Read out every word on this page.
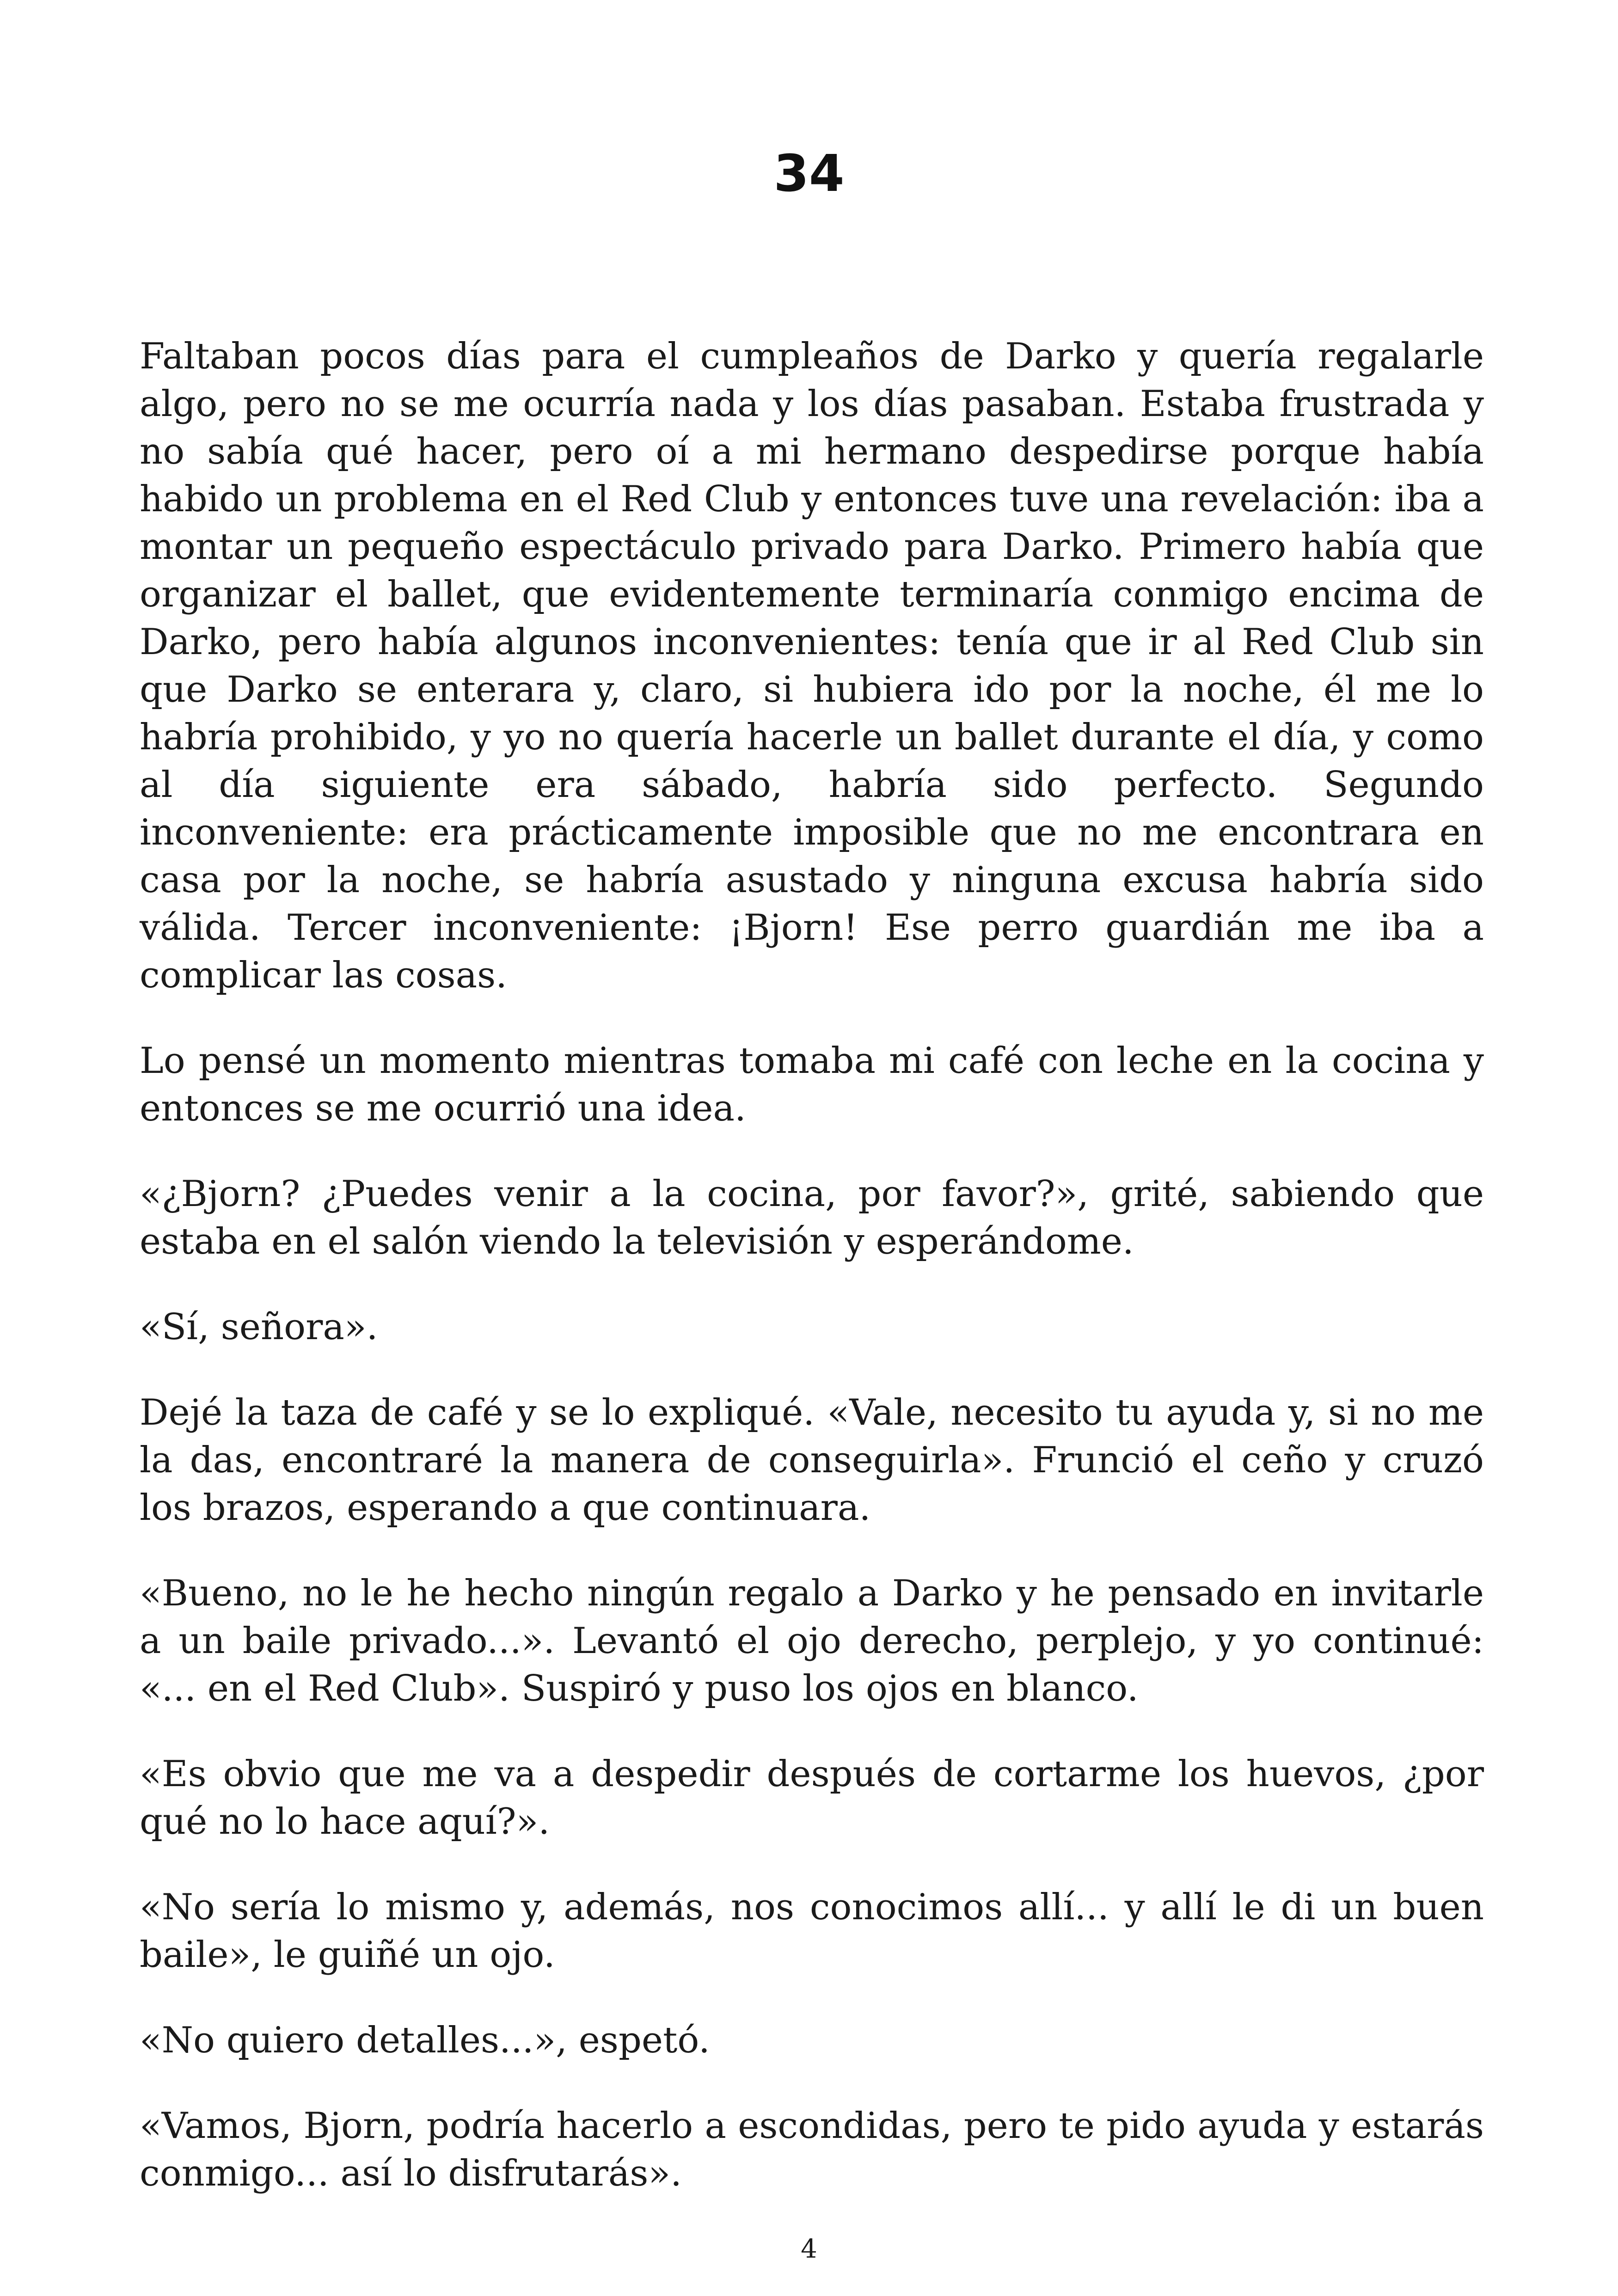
34

Faltaban pocos días para el cumpleaños de Darko y quería regalarle algo, pero no se me ocurría nada y los días pasaban. Estaba frustrada y no sabía qué hacer, pero oí a mi hermano despedirse porque había habido un problema en el Red Club y entonces tuve una revelación: iba a montar un pequeño espectáculo privado para Darko. Primero había que organizar el ballet, que evidentemente terminaría conmigo encima de Darko, pero había algunos inconvenientes: tenía que ir al Red Club sin que Darko se enterara y, claro, si hubiera ido por la noche, él me lo habría prohibido, y yo no quería hacerle un ballet durante el día, y como al día siguiente era sábado, habría sido perfecto. Segundo inconveniente: era prácticamente imposible que no me encontrara en casa por la noche, se habría asustado y ninguna excusa habría sido válida. Tercer inconveniente: ¡Bjorn! Ese perro guardián me iba a complicar las cosas.

Lo pensé un momento mientras tomaba mi café con leche en la cocina y entonces se me ocurrió una idea.

«¿Bjorn? ¿Puedes venir a la cocina, por favor?», grité, sabiendo que estaba en el salón viendo la televisión y esperándome.

«Sí, señora».

Dejé la taza de café y se lo expliqué. «Vale, necesito tu ayuda y, si no me la das, encontraré la manera de conseguirla». Frunció el ceño y cruzó los brazos, esperando a que continuara.

«Bueno, no le he hecho ningún regalo a Darko y he pensado en invitarle a un baile privado...». Levantó el ojo derecho, perplejo, y yo continué: «... en el Red Club». Suspiró y puso los ojos en blanco.

«Es obvio que me va a despedir después de cortarme los huevos, ¿por qué no lo hace aquí?».

«No sería lo mismo y, además, nos conocimos allí... y allí le di un buen baile», le guiñé un ojo.

«No quiero detalles...», espetó.

«Vamos, Bjorn, podría hacerlo a escondidas, pero te pido ayuda y estarás conmigo... así lo disfrutarás».

4
